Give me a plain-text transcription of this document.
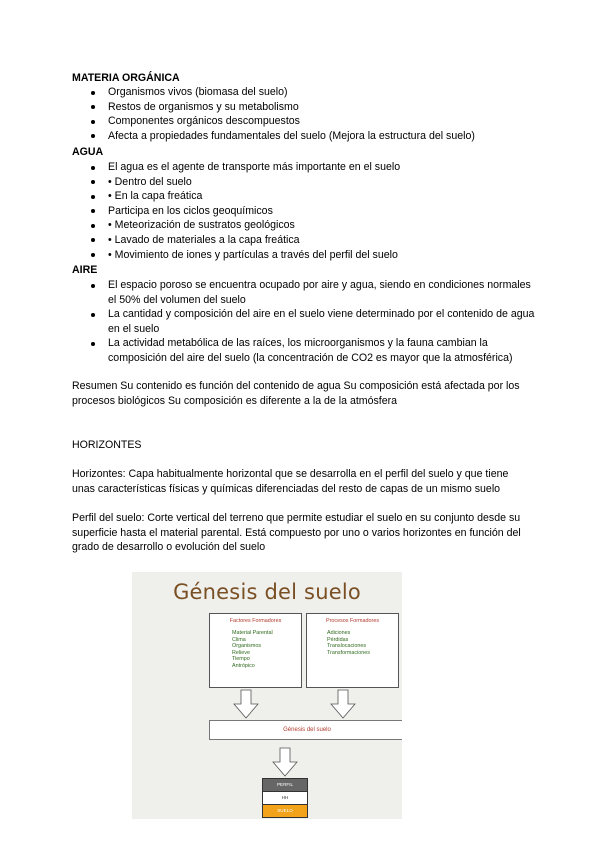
MATERIA ORGÁNICA
Organismos vivos (biomasa del suelo)
Restos de organismos y su metabolismo
Componentes orgánicos descompuestos
Afecta a propiedades fundamentales del suelo (Mejora la estructura del suelo)
AGUA
El agua es el agente de transporte más importante en el suelo
• Dentro del suelo
• En la capa freática
Participa en los ciclos geoquímicos
• Meteorización de sustratos geológicos
• Lavado de materiales a la capa freática
• Movimiento de iones y partículas a través del perfil del suelo
AIRE
El espacio poroso se encuentra ocupado por aire y agua, siendo en condiciones normales el 50% del volumen del suelo
La cantidad y composición del aire en el suelo viene determinado por el contenido de agua en el suelo
La actividad metabólica de las raíces, los microorganismos y la fauna cambian la composición del aire del suelo (la concentración de CO2 es mayor que la atmosférica)
Resumen Su contenido es función del contenido de agua Su composición está afectada por los procesos biológicos Su composición es diferente a la de la atmósfera
HORIZONTES
Horizontes: Capa habitualmente horizontal que se desarrolla en el perfil del suelo y que tiene unas características físicas y químicas diferenciadas del resto de capas de un mismo suelo
Perfil del suelo: Corte vertical del terreno que permite estudiar el suelo en su conjunto desde su superficie hasta el material parental. Está compuesto por uno o varios horizontes en función del grado de desarrollo o evolución del suelo
Génesis del suelo
Factores Formadores
Material Parental
Clima
Organismos
Relieve
Tiempo
Antrópico
Procesos Formadores
Adiciones
Pérdidas
Translocaciones
Transformaciones
Génesis del suelo
PERFIL
HH
SUELO
